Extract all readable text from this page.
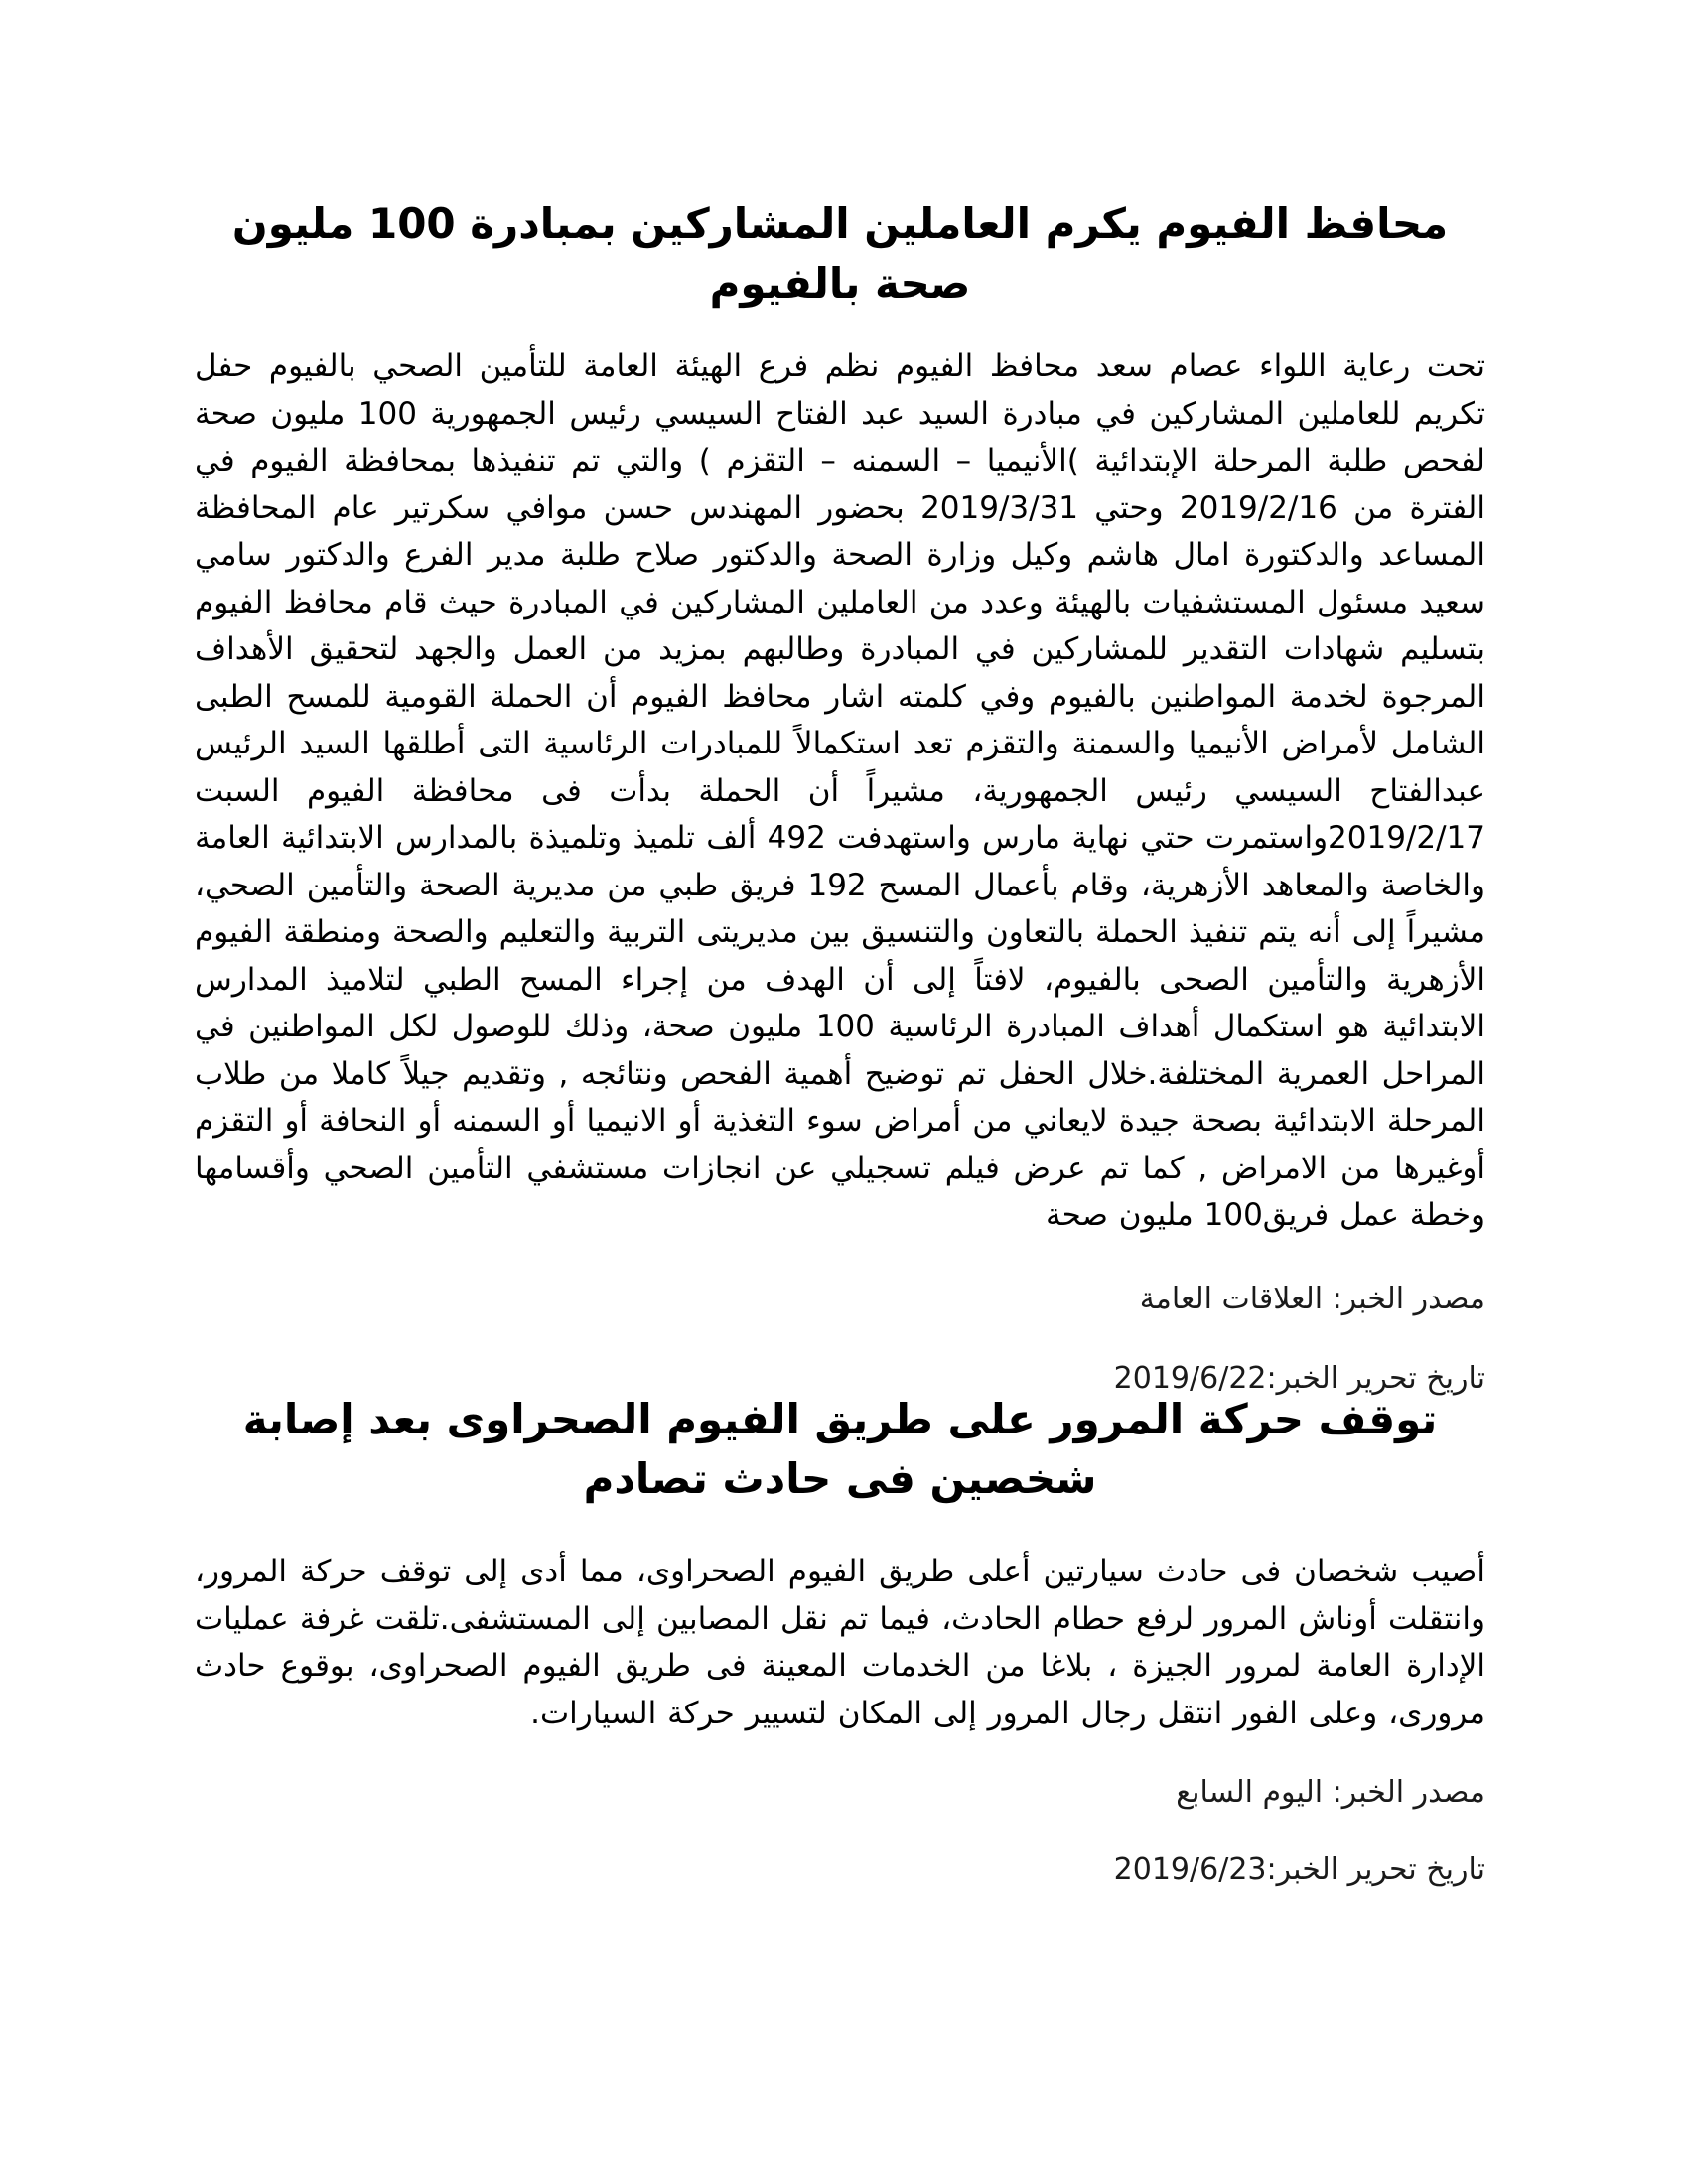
محافظ الفيوم يكرم العاملين المشاركين بمبادرة 100 مليون صحة بالفيوم

تحت رعاية اللواء عصام سعد محافظ الفيوم نظم فرع الهيئة العامة للتأمين الصحي بالفيوم حفل تكريم للعاملين المشاركين في مبادرة السيد عبد الفتاح السيسي رئيس الجمهورية 100 مليون صحة لفحص طلبة المرحلة الإبتدائية )الأنيميا – السمنه – التقزم ) والتي تم تنفيذها بمحافظة الفيوم في الفترة من 2019/2/16 وحتي 2019/3/31 بحضور المهندس حسن موافي سكرتير عام المحافظة المساعد والدكتورة امال هاشم وكيل وزارة الصحة والدكتور صلاح طلبة مدير الفرع والدكتور سامي سعيد مسئول المستشفيات بالهيئة وعدد من العاملين المشاركين في المبادرة حيث قام محافظ الفيوم بتسليم شهادات التقدير للمشاركين في المبادرة وطالبهم بمزيد من العمل والجهد لتحقيق الأهداف المرجوة لخدمة المواطنين بالفيوم وفي كلمته اشار محافظ الفيوم أن الحملة القومية للمسح الطبى الشامل لأمراض الأنيميا والسمنة والتقزم تعد استكمالاً للمبادرات الرئاسية التى أطلقها السيد الرئيس عبدالفتاح السيسي رئيس الجمهورية، مشيراً أن الحملة بدأت فى محافظة الفيوم السبت 2019/2/17واستمرت حتي نهاية مارس واستهدفت 492 ألف تلميذ وتلميذة بالمدارس الابتدائية العامة والخاصة والمعاهد الأزهرية، وقام بأعمال المسح 192 فريق طبي من مديرية الصحة والتأمين الصحي، مشيراً إلى أنه يتم تنفيذ الحملة بالتعاون والتنسيق بين مديريتى التربية والتعليم والصحة ومنطقة الفيوم الأزهرية والتأمين الصحى بالفيوم، لافتاً إلى أن الهدف من إجراء المسح الطبي لتلاميذ المدارس الابتدائية هو استكمال أهداف المبادرة الرئاسية 100 مليون صحة، وذلك للوصول لكل المواطنين في المراحل العمرية المختلفة.خلال الحفل تم توضيح أهمية الفحص ونتائجه , وتقديم جيلاً كاملا من طلاب المرحلة الابتدائية بصحة جيدة لايعاني من أمراض سوء التغذية أو الانيميا أو السمنه أو النحافة أو التقزم أوغيرها من الامراض , كما تم عرض فيلم تسجيلي عن انجازات مستشفي التأمين الصحي وأقسامها وخطة عمل فريق100 مليون صحة

مصدر الخبر: العلاقات العامة

تاريخ تحرير الخبر:2019/6/22

توقف حركة المرور على طريق الفيوم الصحراوى بعد إصابة شخصين فى حادث تصادم

أصيب شخصان فى حادث سيارتين أعلى طريق الفيوم الصحراوى، مما أدى إلى توقف حركة المرور، وانتقلت أوناش المرور لرفع حطام الحادث، فيما تم نقل المصابين إلى المستشفى.تلقت غرفة عمليات الإدارة العامة لمرور الجيزة ، بلاغا من الخدمات المعينة فى طريق الفيوم الصحراوى، بوقوع حادث مرورى، وعلى الفور انتقل رجال المرور إلى المكان لتسيير حركة السيارات.

مصدر الخبر: اليوم السابع

تاريخ تحرير الخبر:2019/6/23
